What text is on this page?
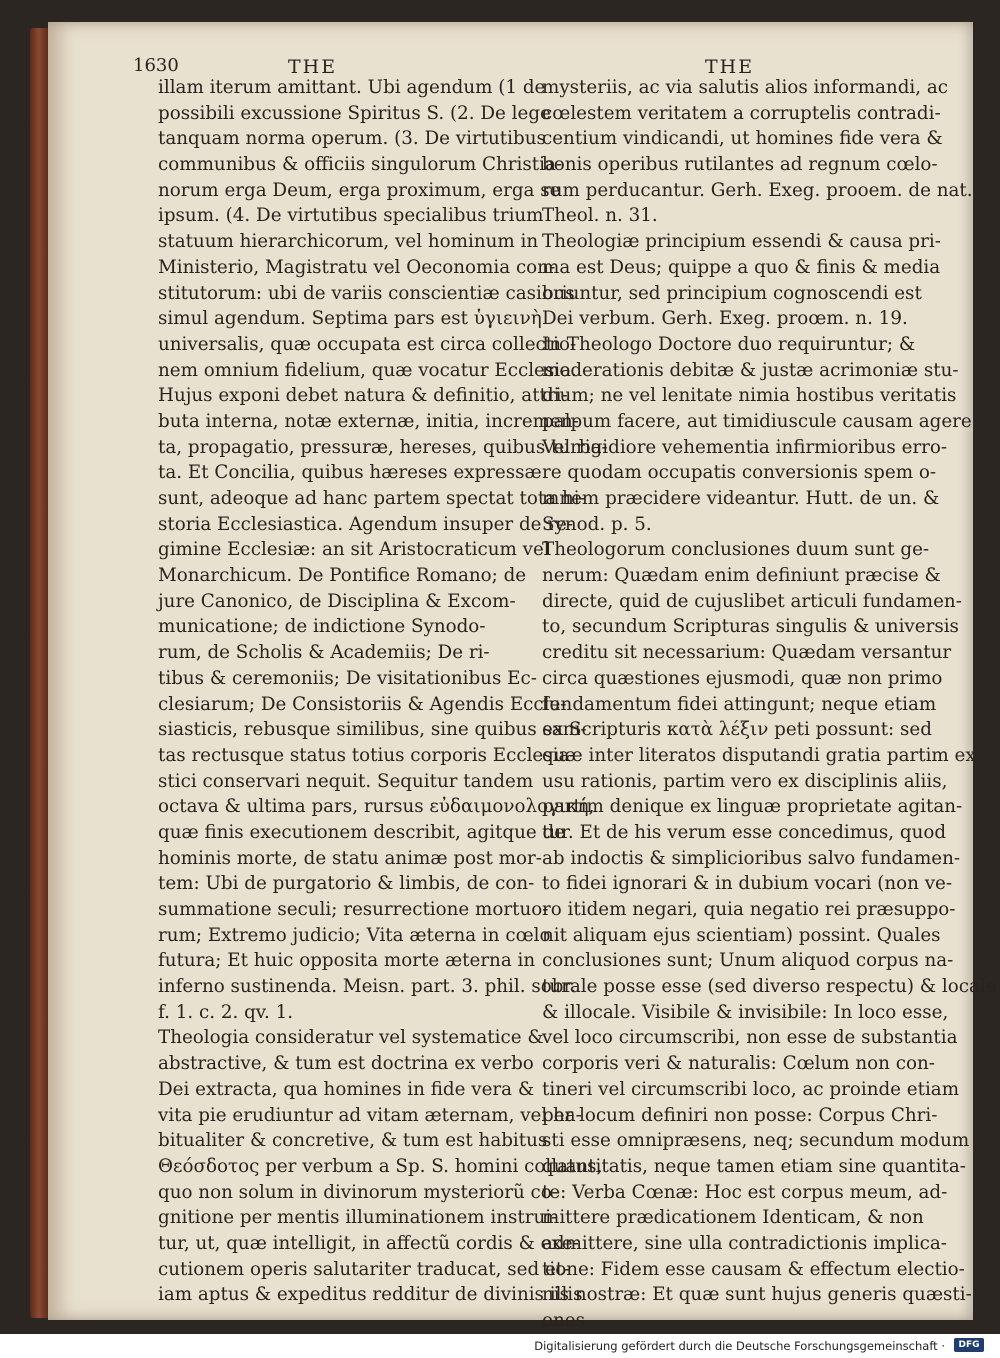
1630	THE	THE
illam iterum amittant. Ubi agendum (1 de
possibili excussione Spiritus S. (2. De lege
tanquam norma operum. (3. De virtutibus
communibus & officiis singulorum Christia-
norum erga Deum, erga proximum, erga se
ipsum. (4. De virtutibus specialibus trium
statuum hierarchicorum, vel hominum in
Ministerio, Magistratu vel Oeconomia con-
stitutorum: ubi de variis conscientiæ casibus
simul agendum. Septima pars est ὑγιεινὴ
universalis, quæ occupata est circa collectio-
nem omnium fidelium, quæ vocatur Ecclesia.
Hujus exponi debet natura & definitio, attri-
buta interna, notæ externæ, initia, incremen-
ta, propagatio, pressuræ, hereses, quibus turba-
ta. Et Concilia, quibus hæreses expressæ
sunt, adeoque ad hanc partem spectat tota hi-
storia Ecclesiastica. Agendum insuper de re-
gimine Ecclesiæ: an sit Aristocraticum vel
Monarchicum. De Pontifice Romano; de
jure Canonico, de Disciplina & Excom-
municatione; de indictione Synodo-
rum, de Scholis & Academiis; De ri-
tibus & ceremoniis; De visitationibus Ec-
clesiarum; De Consistoriis & Agendis Eccle-
siasticis, rebusque similibus, sine quibus sani-
tas rectusque status totius corporis Ecclesia-
stici conservari nequit. Sequitur tandem
octava & ultima pars, rursus εὐδαιμονολογική,
quæ finis executionem describit, agitque de
hominis morte, de statu animæ post mor-
tem: Ubi de purgatorio & limbis, de con-
summatione seculi; resurrectione mortuo-
rum; Extremo judicio; Vita æterna in cœlo
futura; Et huic opposita morte æterna in
inferno sustinenda. Meisn. part. 3. phil. sobr.
f. 1. c. 2. qv. 1.
Theologia consideratur vel systematice &
abstractive, & tum est doctrina ex verbo
Dei extracta, qua homines in fide vera &
vita pie erudiuntur ad vitam æternam, vel ha-
bitualiter & concretive, & tum est habitus
Θεόσδοτος per verbum a Sp. S. homini collatus,
quo non solum in divinorum mysteriorũ co-
gnitione per mentis illuminationem instrui-
tur, ut, quæ intelligit, in affectũ cordis & exe-
cutionem operis salutariter traducat, sed et-
iam aptus & expeditus redditur de divinis illis
mysteriis, ac via salutis alios informandi, ac
cœlestem veritatem a corruptelis contradi-
centium vindicandi, ut homines fide vera &
bonis operibus rutilantes ad regnum cœlo-
rum perducantur. Gerh. Exeg. prooem. de nat.
Theol. n. 31.
Theologiæ principium essendi & causa pri-
ma est Deus; quippe a quo & finis & media
oriuntur, sed principium cognoscendi est
Dei verbum. Gerh. Exeg. proœm. n. 19.
In Theologo Doctore duo requiruntur; &
moderationis debitæ & justæ acrimoniæ stu-
dium; ne vel lenitate nimia hostibus veritatis
palpum facere, aut timidiuscule causam agere:
Vel rigidiore vehementia infirmioribus erro-
re quodam occupatis conversionis spem o-
mnem præcidere videantur. Hutt. de un. &
Synod. p. 5.
Theologorum conclusiones duum sunt ge-
nerum: Quædam enim definiunt præcise &
directe, quid de cujuslibet articuli fundamen-
to, secundum Scripturas singulis & universis
creditu sit necessarium: Quædam versantur
circa quæstiones ejusmodi, quæ non primo
fundamentum fidei attingunt; neque etiam
ex Scripturis κατὰ λέξιν peti possunt: sed
quæ inter literatos disputandi gratia partim ex
usu rationis, partim vero ex disciplinis aliis,
partim denique ex linguæ proprietate agitan-
tur. Et de his verum esse concedimus, quod
ab indoctis & simplicioribus salvo fundamen-
to fidei ignorari & in dubium vocari (non ve-
ro itidem negari, quia negatio rei præsuppo-
nit aliquam ejus scientiam) possint. Quales
conclusiones sunt; Unum aliquod corpus na-
turale posse esse (sed diverso respectu) & locale
& illocale. Visibile & invisibile: In loco esse,
vel loco circumscribi, non esse de substantia
corporis veri & naturalis: Cœlum non con-
tineri vel circumscribi loco, ac proinde etiam
per locum definiri non posse: Corpus Chri-
sti esse omnipræsens, neq; secundum modum
quantitatis, neque tamen etiam sine quantita-
te: Verba Cœnæ: Hoc est corpus meum, ad-
mittere prædicationem Identicam, & non
admittere, sine ulla contradictionis implica-
tione: Fidem esse causam & effectum electio-
nis nostræ: Et quæ sunt hujus generis quæsti-
ones
Digitalisierung gefördert durch die Deutsche Forschungsgemeinschaft ·	DFG
